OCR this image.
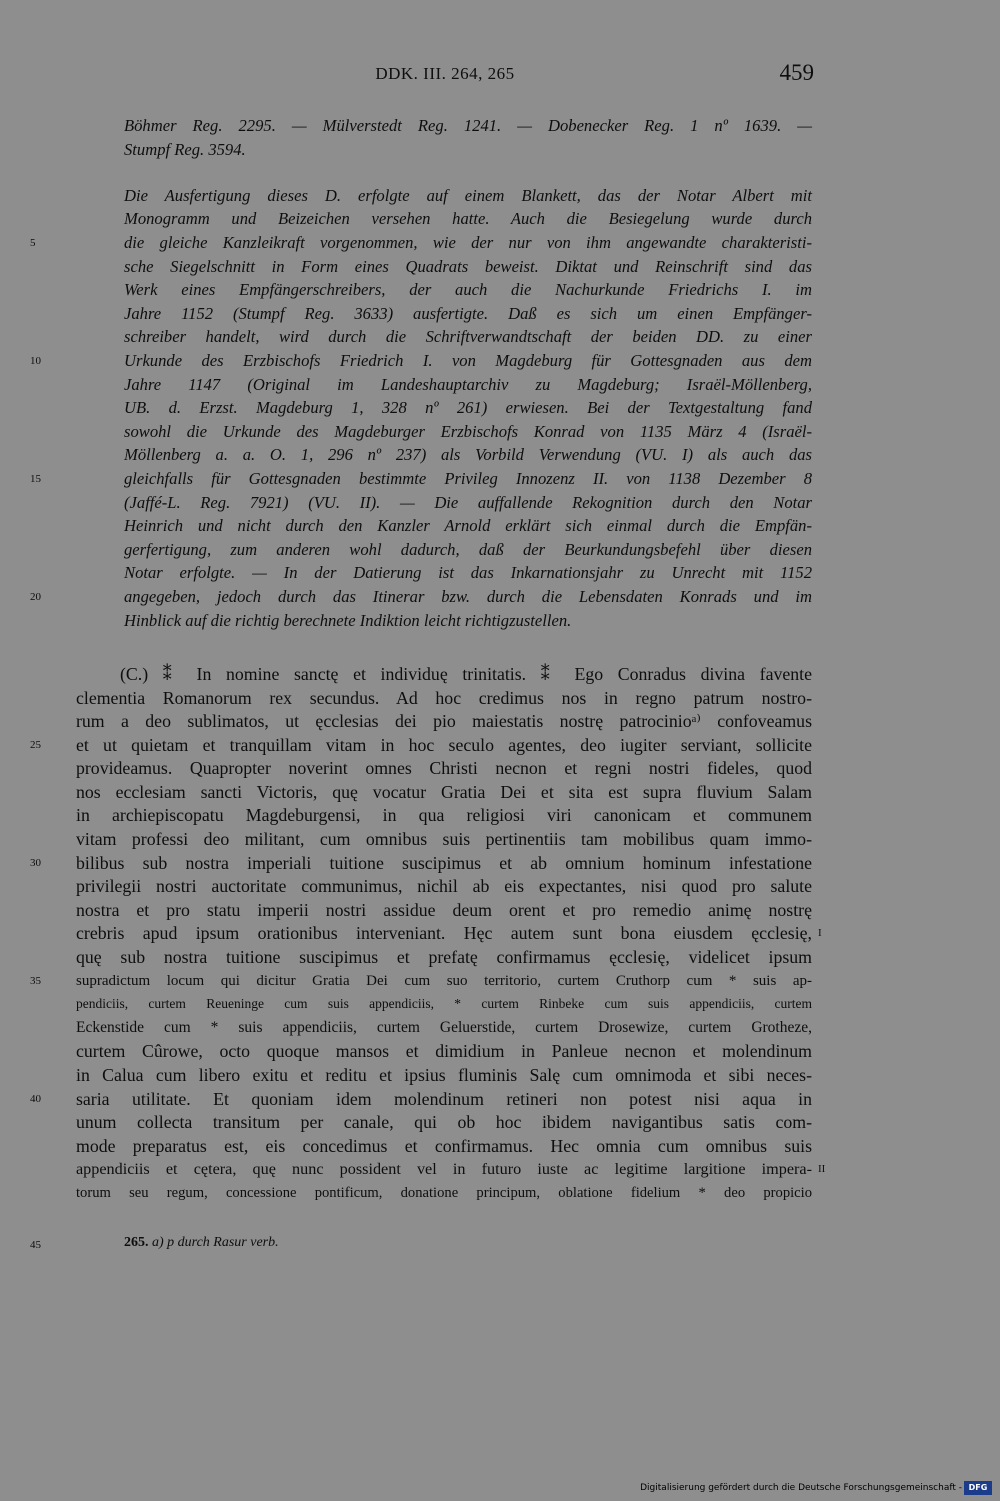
DDK. III. 264, 265	459
Böhmer Reg. 2295. — Mülverstedt Reg. 1241. — Dobenecker Reg. 1 nº 1639. —
Stumpf Reg. 3594.
Die Ausfertigung dieses D. erfolgte auf einem Blankett, das der Notar Albert mit
Monogramm und Beizeichen versehen hatte. Auch die Besiegelung wurde durch
die gleiche Kanzleikraft vorgenommen, wie der nur von ihm angewandte charakteristi-
sche Siegelschnitt in Form eines Quadrats beweist. Diktat und Reinschrift sind das
Werk eines Empfängerschreibers, der auch die Nachurkunde Friedrichs I. im
Jahre 1152 (Stumpf Reg. 3633) ausfertigte. Daß es sich um einen Empfänger-
schreiber handelt, wird durch die Schriftverwandtschaft der beiden DD. zu einer
Urkunde des Erzbischofs Friedrich I. von Magdeburg für Gottesgnaden aus dem
Jahre 1147 (Original im Landeshauptarchiv zu Magdeburg; Israël-Möllenberg,
UB. d. Erzst. Magdeburg 1, 328 nº 261) erwiesen. Bei der Textgestaltung fand
sowohl die Urkunde des Magdeburger Erzbischofs Konrad von 1135 März 4 (Israël-
Möllenberg a. a. O. 1, 296 nº 237) als Vorbild Verwendung (VU. I) als auch das
gleichfalls für Gottesgnaden bestimmte Privileg Innozenz II. von 1138 Dezember 8
(Jaffé-L. Reg. 7921) (VU. II). — Die auffallende Rekognition durch den Notar
Heinrich und nicht durch den Kanzler Arnold erklärt sich einmal durch die Empfän-
gerfertigung, zum anderen wohl dadurch, daß der Beurkundungsbefehl über diesen
Notar erfolgte. — In der Datierung ist das Inkarnationsjahr zu Unrecht mit 1152
angegeben, jedoch durch das Itinerar bzw. durch die Lebensdaten Konrads und im
Hinblick auf die richtig berechnete Indiktion leicht richtigzustellen.
(C.) ⁑ In nomine sanctę et individuę trinitatis. ⁑ Ego Conradus divina favente
clementia Romanorum rex secundus. Ad hoc credimus nos in regno patrum nostro-
rum a deo sublimatos, ut ęcclesias dei pio maiestatis nostrę patrocinioᵃ⁾ confoveamus
et ut quietam et tranquillam vitam in hoc seculo agentes, deo iugiter serviant, sollicite
provideamus. Quapropter noverint omnes Christi necnon et regni nostri fideles, quod
nos ecclesiam sancti Victoris, quę vocatur Gratia Dei et sita est supra fluvium Salam
in archiepiscopatu Magdeburgensi, in qua religiosi viri canonicam et communem
vitam professi deo militant, cum omnibus suis pertinentiis tam mobilibus quam immo-
bilibus sub nostra imperiali tuitione suscipimus et ab omnium hominum infestatione
privilegii nostri auctoritate communimus, nichil ab eis expectantes, nisi quod pro salute
nostra et pro statu imperii nostri assidue deum orent et pro remedio animę nostrę
crebris apud ipsum orationibus interveniant. Hęc autem sunt bona eiusdem ęcclesię,
quę sub nostra tuitione suscipimus et prefatę confirmamus ęcclesię, videlicet ipsum
supradictum locum qui dicitur Gratia Dei cum suo territorio, curtem Cruthorp cum * suis ap-
pendiciis, curtem Reueninge cum suis appendiciis, * curtem Rinbeke cum suis appendiciis, curtem
Eckenstide cum * suis appendiciis, curtem Geluerstide, curtem Drosewize, curtem Grotheze,
curtem Cûrowe, octo quoque mansos et dimidium in Panleue necnon et molendinum
in Calua cum libero exitu et reditu et ipsius fluminis Salę cum omnimoda et sibi neces-
saria utilitate. Et quoniam idem molendinum retineri non potest nisi aqua in
unum collecta transitum per canale, qui ob hoc ibidem navigantibus satis com-
mode preparatus est, eis concedimus et confirmamus. Hec omnia cum omnibus suis
appendiciis et cętera, quę nunc possident vel in futuro iuste ac legitime largitione impera-
torum seu regum, concessione pontificum, donatione principum, oblatione fidelium * deo propicio
5
10
15
20
25
30
35
40
45
I
II
265. a) p durch Rasur verb.
Digitalisierung gefördert durch die Deutsche Forschungsgemeinschaft - DFG
